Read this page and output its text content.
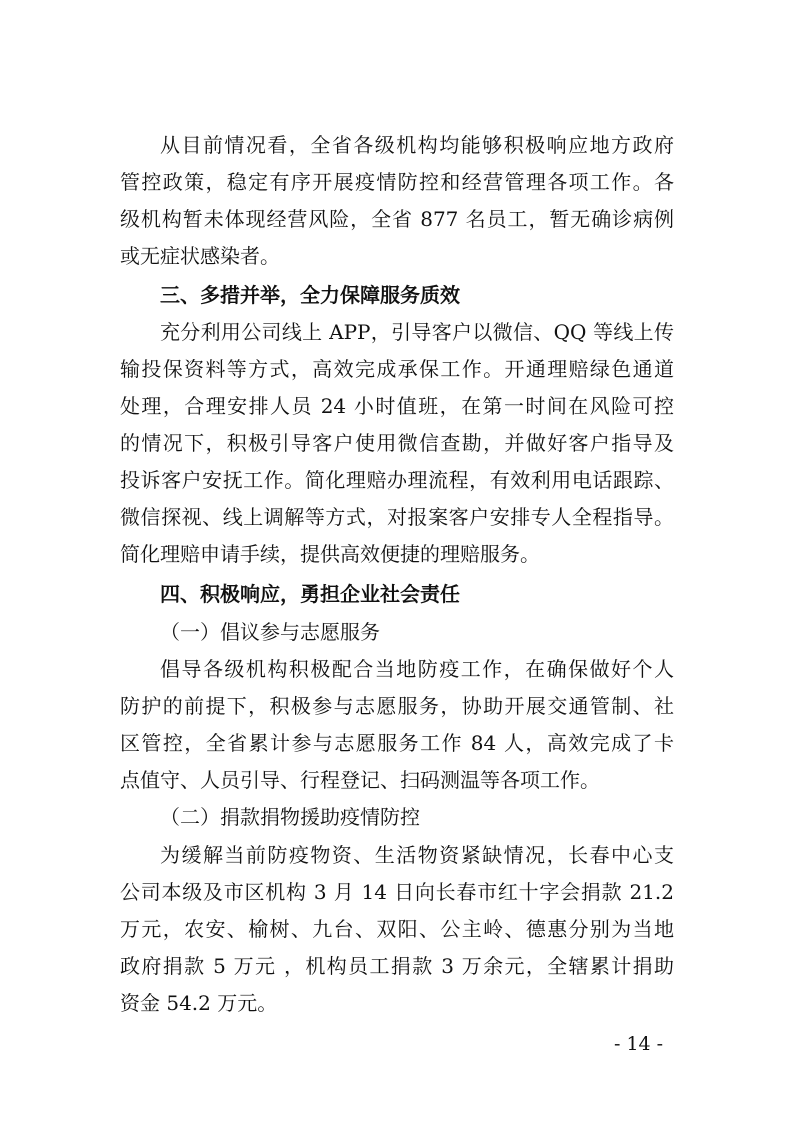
从目前情况看，全省各级机构均能够积极响应地方政府
管控政策，稳定有序开展疫情防控和经营管理各项工作。各
级机构暂未体现经营风险，全省 877 名员工，暂无确诊病例
或无症状感染者。
三、多措并举，全力保障服务质效
充分利用公司线上 APP，引导客户以微信、QQ 等线上传
输投保资料等方式，高效完成承保工作。开通理赔绿色通道
处理，合理安排人员 24 小时值班，在第一时间在风险可控
的情况下，积极引导客户使用微信查勘，并做好客户指导及
投诉客户安抚工作。简化理赔办理流程，有效利用电话跟踪、
微信探视、线上调解等方式，对报案客户安排专人全程指导。
简化理赔申请手续，提供高效便捷的理赔服务。
四、积极响应，勇担企业社会责任
（一）倡议参与志愿服务
倡导各级机构积极配合当地防疫工作，在确保做好个人
防护的前提下，积极参与志愿服务，协助开展交通管制、社
区管控，全省累计参与志愿服务工作 84 人，高效完成了卡
点值守、人员引导、行程登记、扫码测温等各项工作。
（二）捐款捐物援助疫情防控
为缓解当前防疫物资、生活物资紧缺情况，长春中心支
公司本级及市区机构 3 月 14 日向长春市红十字会捐款 21.2
万元，农安、榆树、九台、双阳、公主岭、德惠分别为当地
政府捐款 5 万元 ，机构员工捐款 3 万余元，全辖累计捐助
资金 54.2 万元。
- 14 -
